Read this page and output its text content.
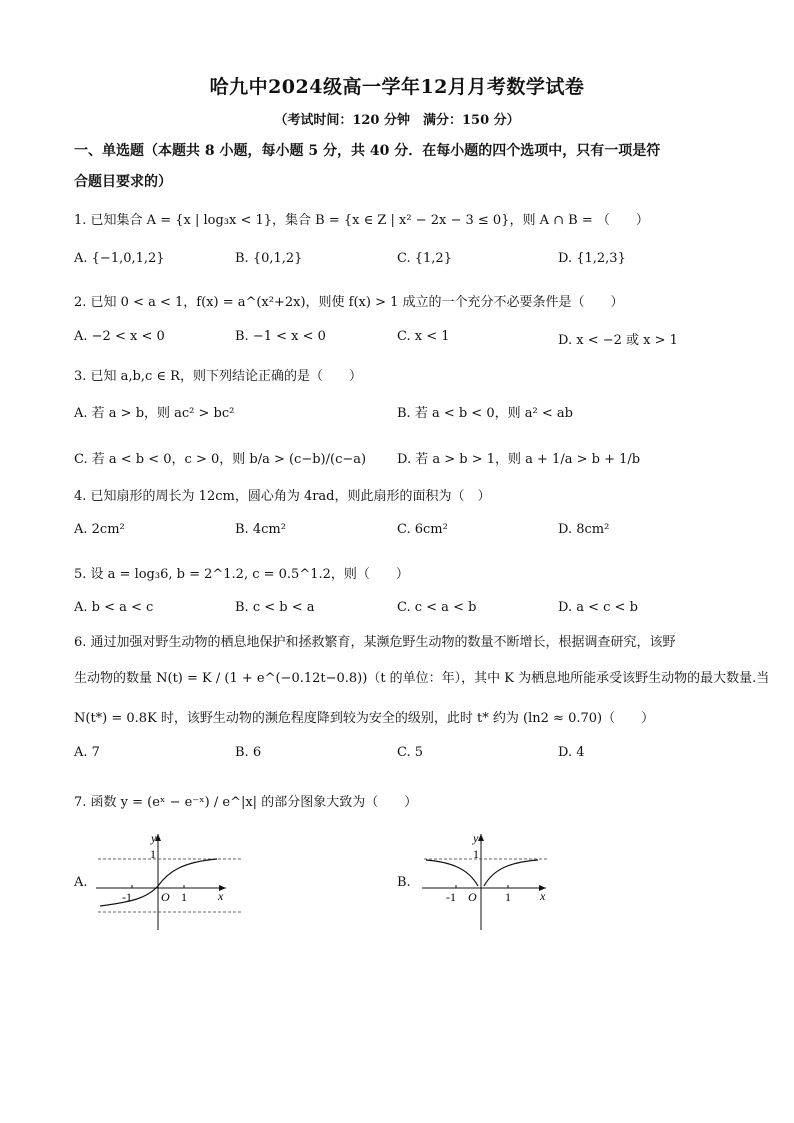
哈九中2024级高一学年12月月考数学试卷
（考试时间：120 分钟　满分：150 分）
一、单选题（本题共 8 小题，每小题 5 分，共 40 分．在每小题的四个选项中，只有一项是符
合题目要求的）
1. 已知集合 A = {x | log₃x < 1}，集合 B = {x ∈ Z | x² − 2x − 3 ≤ 0}，则 A ∩ B = （　　）
A. {−1,0,1,2}	B. {0,1,2}	C. {1,2}	D. {1,2,3}
2. 已知 0 < a < 1，f(x) = a^(x²+2x)，则使 f(x) > 1 成立的一个充分不必要条件是（　　）
A. −2 < x < 0	B. −1 < x < 0	C. x < 1	D. x < −2 或 x > 1
3. 已知 a,b,c ∈ R，则下列结论正确的是（　　）
A. 若 a > b，则 ac² > bc²	B. 若 a < b < 0，则 a² < ab
C. 若 a < b < 0，c > 0，则 b/a > (c−b)/(c−a) D. 若 a > b > 1，则 a + 1/a > b + 1/b
4. 已知扇形的周长为 12cm，圆心角为 4rad，则此扇形的面积为（　）
A. 2cm²	B. 4cm²	C. 6cm²	D. 8cm²
5. 设 a = log₃6, b = 2^1.2, c = 0.5^1.2，则（　　）
A. b < a < c	B. c < b < a	C. c < a < b	D. a < c < b
6. 通过加强对野生动物的栖息地保护和拯救繁育，某濒危野生动物的数量不断增长，根据调查研究，该野
生动物的数量 N(t) = K / (1 + e^(−0.12t−0.8))（t 的单位：年），其中 K 为栖息地所能承受该野生动物的最大数量.当
N(t*) = 0.8K 时，该野生动物的濒危程度降到较为安全的级别，此时 t* 约为 (ln2 ≈ 0.70)（　　）
A. 7	B. 6	C. 5	D. 4
7. 函数 y = (eˣ − e⁻ˣ) / e^|x| 的部分图象大致为（　　）
A.	B.
y
x
1
-1 O 1
y
x
1
-1 O 1
